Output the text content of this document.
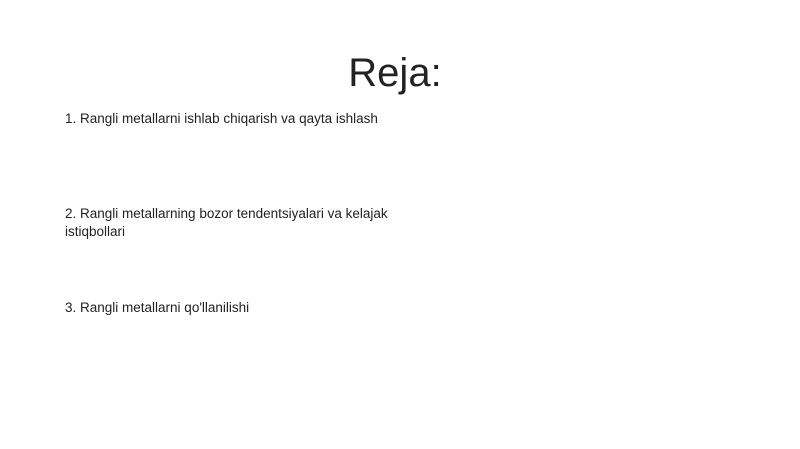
Reja:
1. Rangli metallarni ishlab chiqarish va qayta ishlash
2. Rangli metallarning bozor tendentsiyalari va kelajak istiqbollari
3. Rangli metallarni qo'llanilishi
